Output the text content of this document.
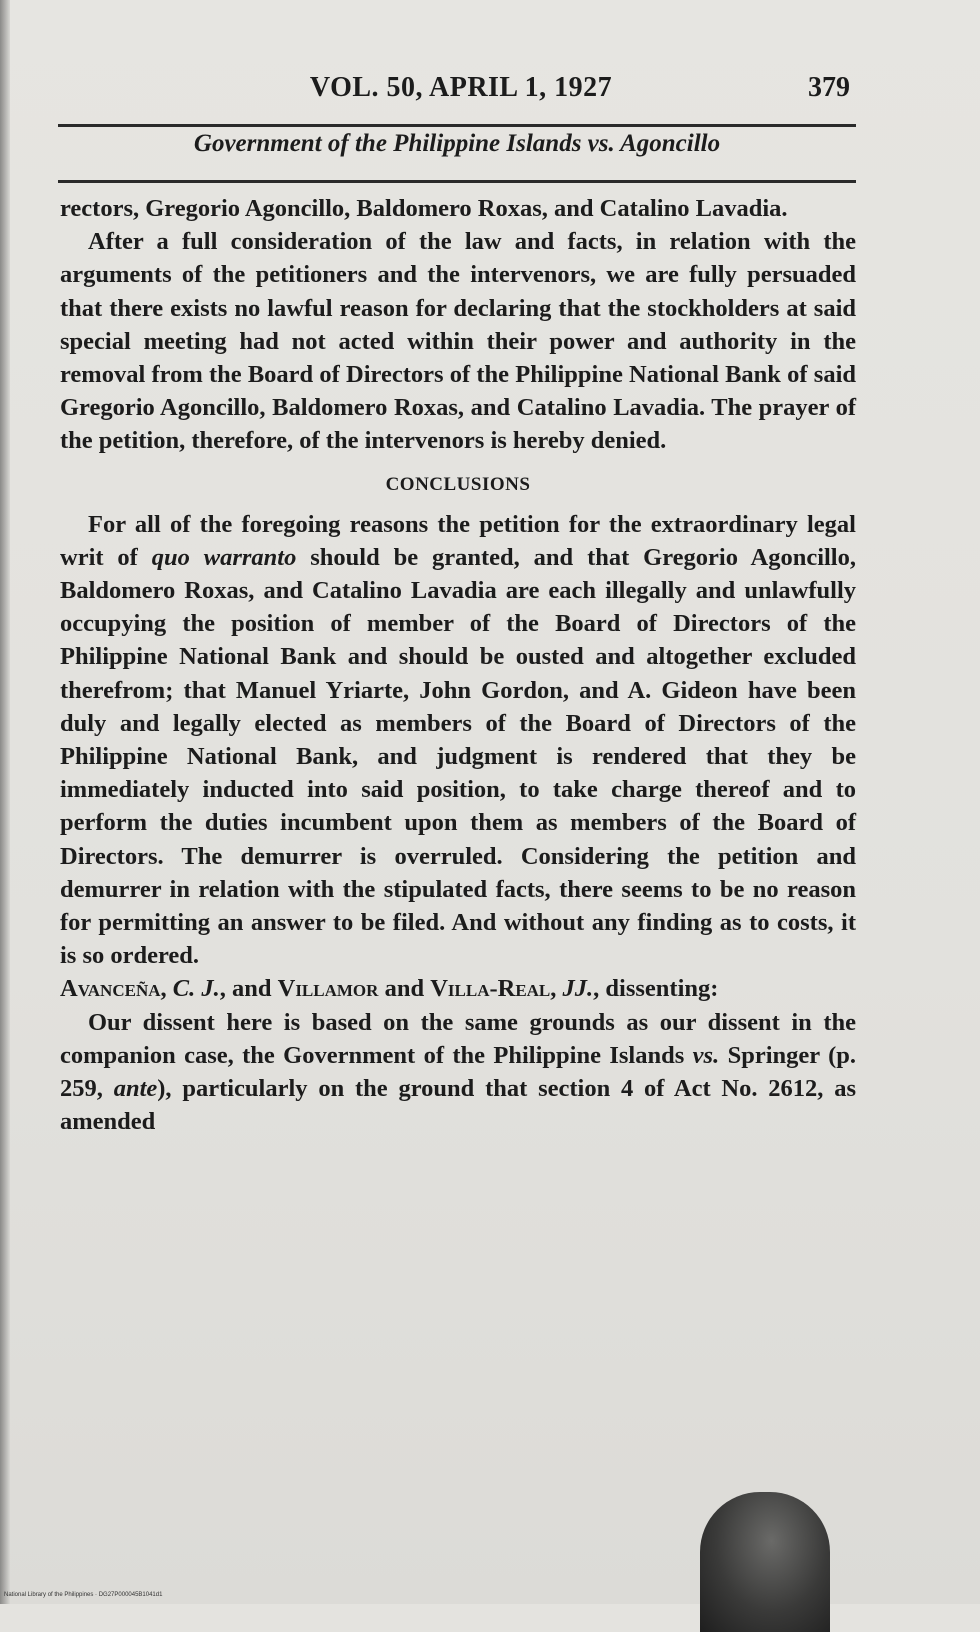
VOL. 50, APRIL 1, 1927	379
Government of the Philippine Islands vs. Agoncillo

rectors, Gregorio Agoncillo, Baldomero Roxas, and Catalino Lavadia.

After a full consideration of the law and facts, in relation with the arguments of the petitioners and the intervenors, we are fully persuaded that there exists no lawful reason for declaring that the stockholders at said special meeting had not acted within their power and authority in the removal from the Board of Directors of the Philippine National Bank of said Gregorio Agoncillo, Baldomero Roxas, and Catalino Lavadia. The prayer of the petition, therefore, of the intervenors is hereby denied.

CONCLUSIONS

For all of the foregoing reasons the petition for the extraordinary legal writ of quo warranto should be granted, and that Gregorio Agoncillo, Baldomero Roxas, and Catalino Lavadia are each illegally and unlawfully occupying the position of member of the Board of Directors of the Philippine National Bank and should be ousted and altogether excluded therefrom; that Manuel Yriarte, John Gordon, and A. Gideon have been duly and legally elected as members of the Board of Directors of the Philippine National Bank, and judgment is rendered that they be immediately inducted into said position, to take charge thereof and to perform the duties incumbent upon them as members of the Board of Directors. The demurrer is overruled. Considering the petition and demurrer in relation with the stipulated facts, there seems to be no reason for permitting an answer to be filed. And without any finding as to costs, it is so ordered.

Avanceña, C. J., and Villamor and Villa-Real, JJ., dissenting:

Our dissent here is based on the same grounds as our dissent in the companion case, the Government of the Philippine Islands vs. Springer (p. 259, ante), particularly on the ground that section 4 of Act No. 2612, as amended

National Library of the Philippines · DG27P000045B1041d1
